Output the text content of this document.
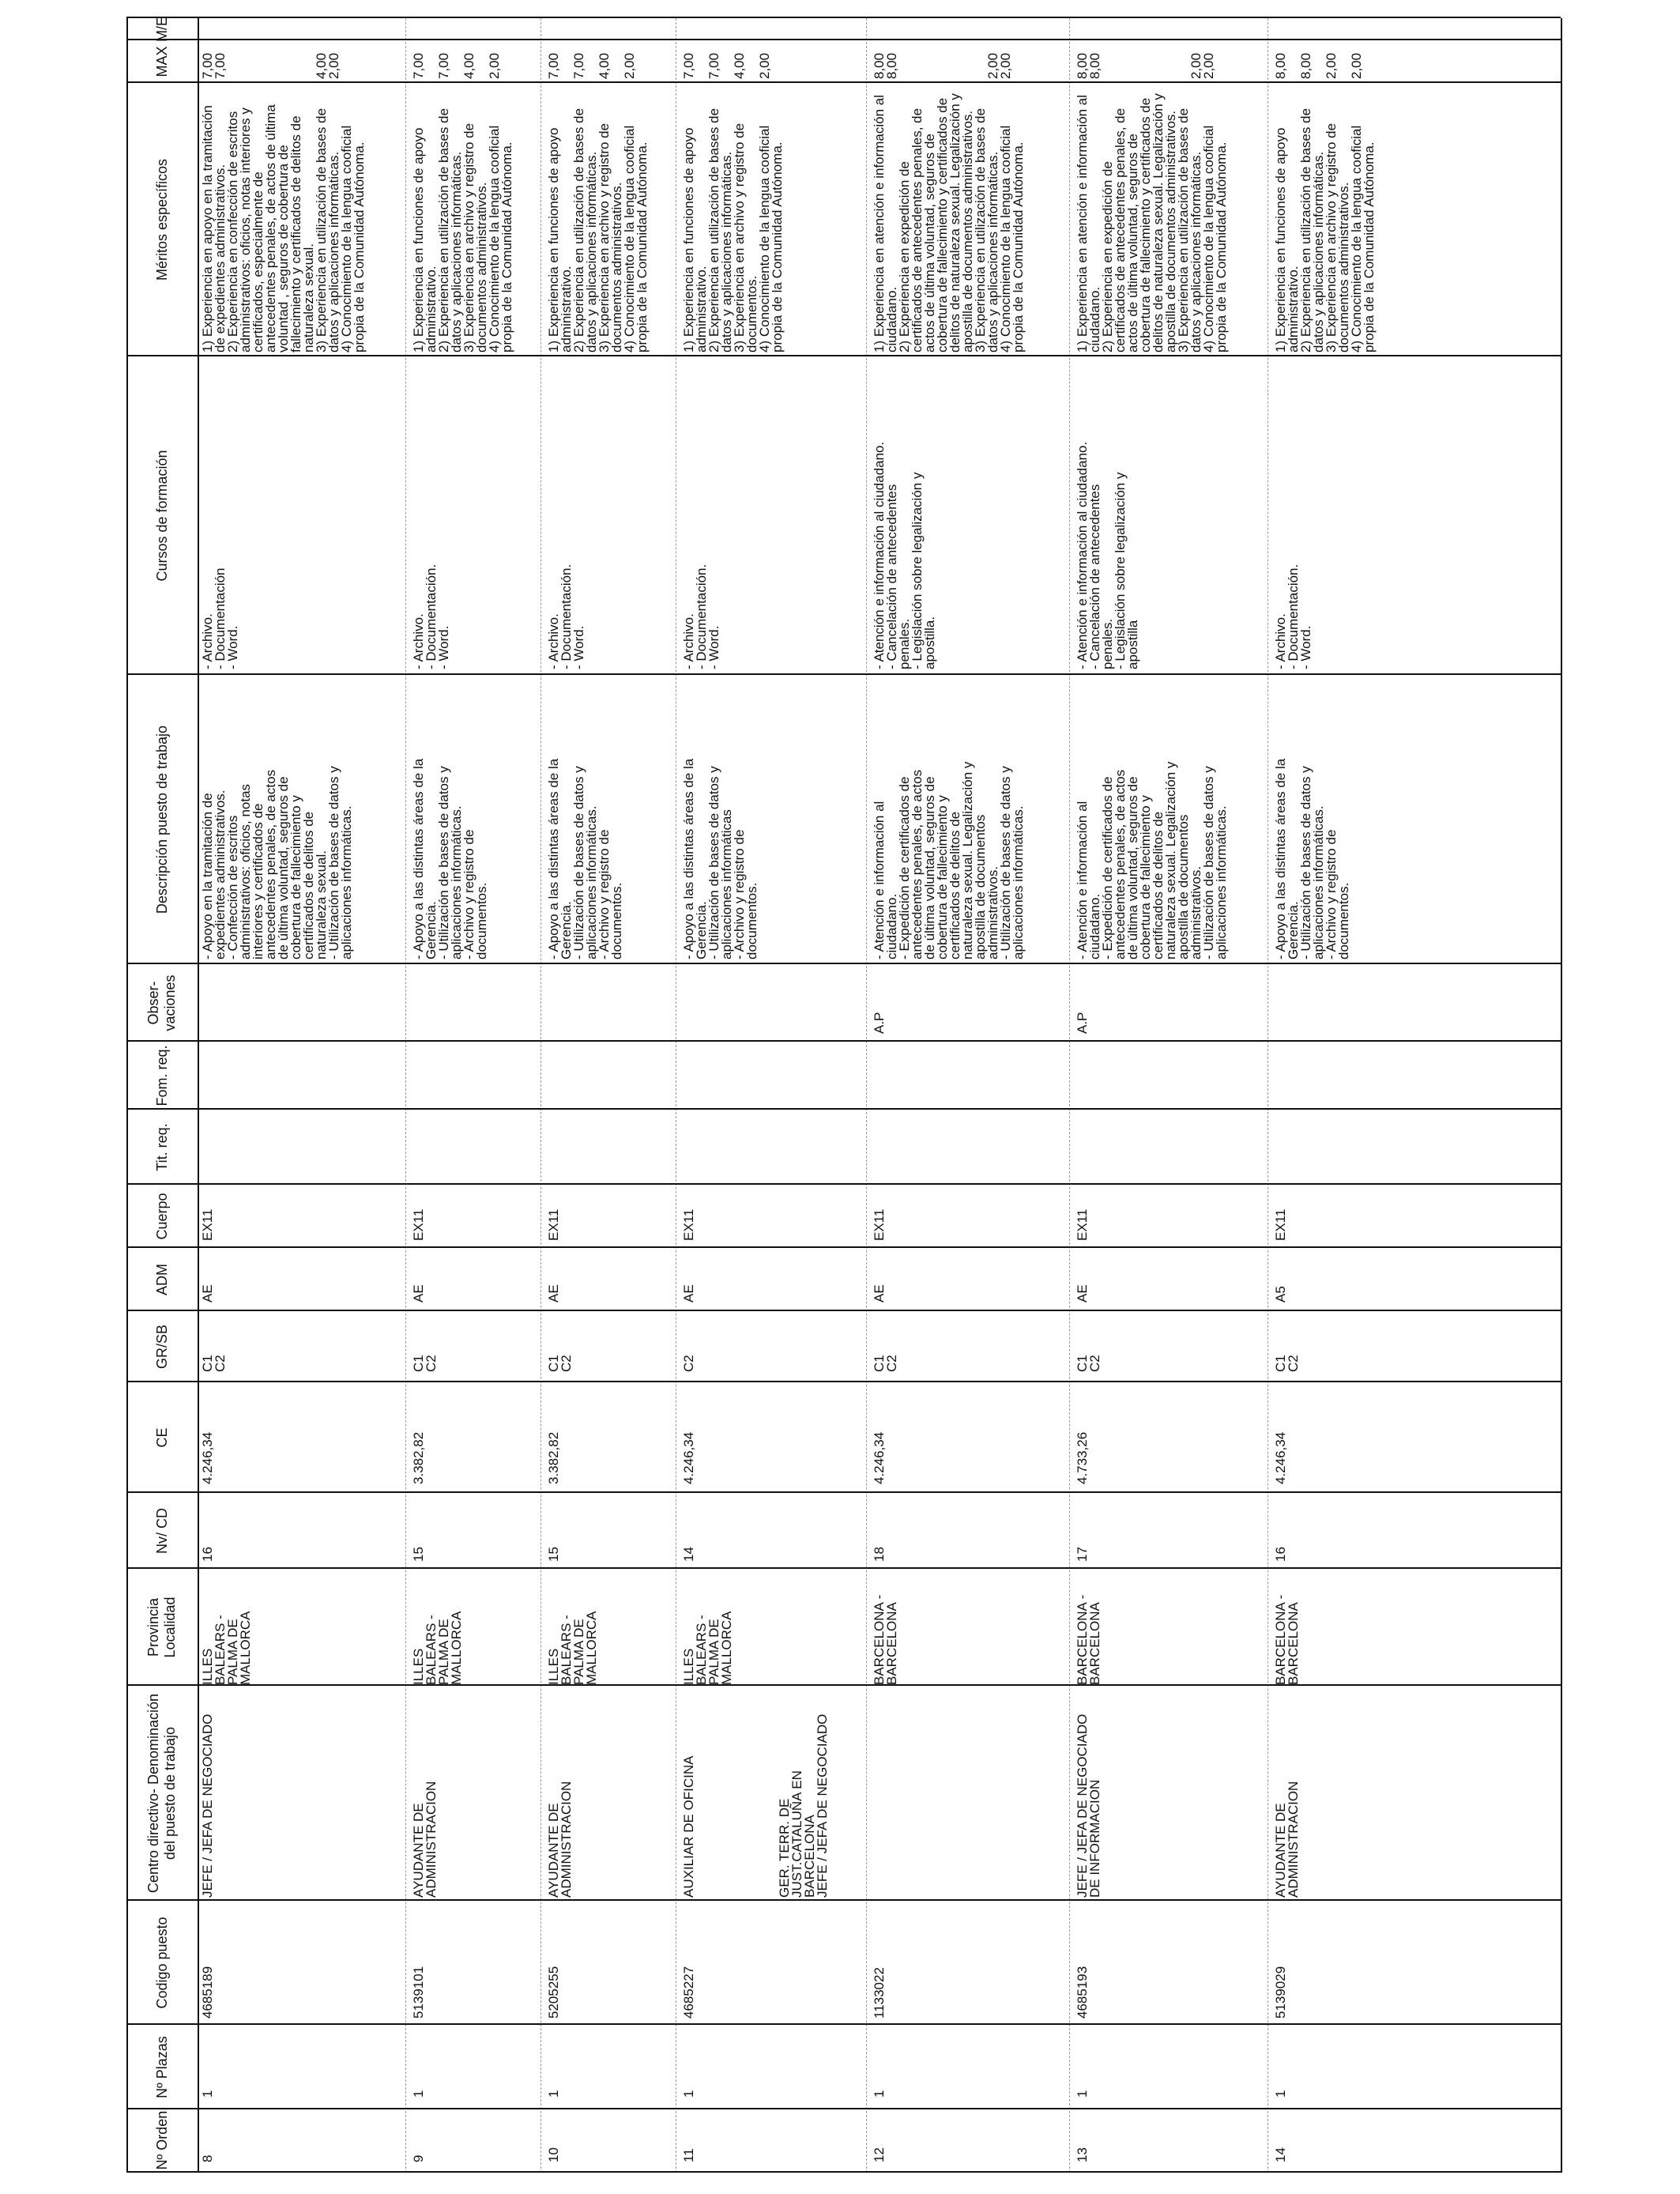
Nº Orden
Nº Plazas
Codigo puesto
Centro directivo- Denominación del puesto de trabajo
Provincia Localidad
Nv/ CD
CE
GR/SB
ADM
Cuerpo
Tit. req.
Fom. req.
Obser- vaciones
Descripción puesto de trabajo
Cursos de formación
Méritos específicos
MAX
M/E
8
1
4685189
JEFE / JEFA DE NEGOCIADO
ILLES
BALEARS -
PALMA DE
MALLORCA
16
4.246,34
C1
C2
AE
EX11
- Apoyo en la tramitación de
expedientes administrativos.
- Confección de escritos
administrativos: oficios, notas
interiores y certificados de
antecedentes penales, de actos
de última voluntad, seguros de
cobertura de fallecimiento y
certificados de delitos de
naturaleza sexual.
- Utilización de bases de datos y
aplicaciones informáticas.
- Archivo.
- Documentación
- Word.
1) Experiencia en apoyo en la tramitación
de expedientes administrativos.
2) Experiencia en confección de escritos
administrativos: oficios, notas interiores y
certificados, especialmente de
antecedentes penales, de actos de última
voluntad , seguros de cobertura de
fallecimiento y certificados de delitos de
naturaleza sexual.
3) Experiencia en utilización de bases de
datos y aplicaciones informáticas.
4) Conocimiento de la lengua cooficial
propia de la Comunidad Autónoma.
7,00
7,00

4,00
2,00
9
1
5139101
AYUDANTE DE
ADMINISTRACION
ILLES
BALEARS -
PALMA DE
MALLORCA
15
3.382,82
C1
C2
AE
EX11
- Apoyo a las distintas áreas de la
Gerencia.
- Utilización de bases de datos y
aplicaciones informáticas.
- Archivo y registro de
documentos.
- Archivo.
- Documentación.
- Word.
1) Experiencia en funciones de apoyo
administrativo.
2) Experiencia en utilización de bases de
datos y aplicaciones informáticas.
3) Experiencia en archivo y registro de
documentos administrativos.
4) Conocimiento de la lengua cooficial
propia de la Comunidad Autónoma.
7,00

7,00

4,00

2,00
10
1
5205255
AYUDANTE DE
ADMINISTRACION
ILLES
BALEARS -
PALMA DE
MALLORCA
15
3.382,82
C1
C2
AE
EX11
- Apoyo a las distintas áreas de la
Gerencia.
- Utilización de bases de datos y
aplicaciones informáticas.
- Archivo y registro de
documentos.
- Archivo.
- Documentación.
- Word.
1) Experiencia en funciones de apoyo
administrativo.
2) Experiencia en utilización de bases de
datos y aplicaciones informáticas.
3) Experiencia en archivo y registro de
documentos administrativos.
4) Conocimiento de la lengua cooficial
propia de la Comunidad Autónoma.
7,00

7,00

4,00

2,00
11
1
4685227
AUXILIAR DE OFICINA
ILLES
BALEARS -
PALMA DE
MALLORCA
14
4.246,34
C2
AE
EX11
- Apoyo a las distintas áreas de la
Gerencia.
- Utilización de bases de datos y
aplicaciones informáticas
- Archivo y registro de
documentos.
- Archivo.
- Documentación.
- Word.
1) Experiencia en funciones de apoyo
administrativo.
2) Experiencia en utilización de bases de
datos y aplicaciones informáticas.
3) Experiencia en archivo y registro de
documentos.
4) Conocimiento de la lengua cooficial
propia de la Comunidad Autónoma.
7,00

7,00

4,00

2,00
12
1
1133022
GER. TERR. DE
JUST.CATALUÑA EN
BARCELONA
JEFE / JEFA DE NEGOCIADO
BARCELONA -
BARCELONA
18
4.246,34
C1
C2
AE
EX11
A.P
- Atención e información al
ciudadano.
- Expedición de certificados de
antecedentes penales, de actos
de última voluntad, seguros de
cobertura de fallecimiento y
certificados de delitos de
naturaleza sexual. Legalización y
apostilla de documentos
administrativos.
- Utilización de bases de datos y
aplicaciones informáticas.
- Atención e información al ciudadano.
- Cancelación de antecedentes
penales.
- Legislación sobre legalización y
apostilla.
1) Experiencia en atención e información al
ciudadano.
2) Experiencia en expedición de
certificados de antecedentes penales, de
actos de última voluntad, seguros de
cobertura de fallecimiento y certificados de
delitos de naturaleza sexual. Legalización y
apostilla de documentos administrativos.
3) Experiencia en utilización de bases de
datos y aplicaciones informáticas.
4) Conocimiento de la lengua cooficial
propia de la Comunidad Autónoma.
8,00
8,00

2,00
2,00
13
1
4685193
JEFE / JEFA DE NEGOCIADO
DE INFORMACION
BARCELONA -
BARCELONA
17
4.733,26
C1
C2
AE
EX11
A.P
- Atención e información al
ciudadano.
- Expedición de certificados de
antecedentes penales, de actos
de última voluntad, seguros de
cobertura de fallecimiento y
certificados de delitos de
naturaleza sexual. Legalización y
apostilla de documentos
administrativos.
- Utilización de bases de datos y
aplicaciones informáticas.
- Atención e información al ciudadano.
- Cancelación de antecedentes
penales.
- Legislación sobre legalización y
apostilla
1) Experiencia en atención e información al
ciudadano.
2) Experiencia en expedición de
certificados de antecedentes penales, de
actos de última voluntad, seguros de
cobertura de fallecimiento y certificados de
delitos de naturaleza sexual. Legalización y
apostilla de documentos administrativos.
3) Experiencia en utilización de bases de
datos y aplicaciones informáticas.
4) Conocimiento de la lengua cooficial
propia de la Comunidad Autónoma.
8,00
8,00

2,00
2,00
14
1
5139029
AYUDANTE DE
ADMINISTRACION
BARCELONA -
BARCELONA
16
4.246,34
C1
C2
A5
EX11
- Apoyo a las distintas áreas de la
Gerencia.
- Utilización de bases de datos y
aplicaciones informáticas.
- Archivo y registro de
documentos.
- Archivo.
- Documentación.
- Word.
1) Experiencia en funciones de apoyo
administrativo.
2) Experiencia en utilización de bases de
datos y aplicaciones informáticas.
3) Experiencia en archivo y registro de
documentos administrativos.
4) Conocimiento de la lengua cooficial
propia de la Comunidad Autónoma.
8,00

8,00

2,00

2,00
